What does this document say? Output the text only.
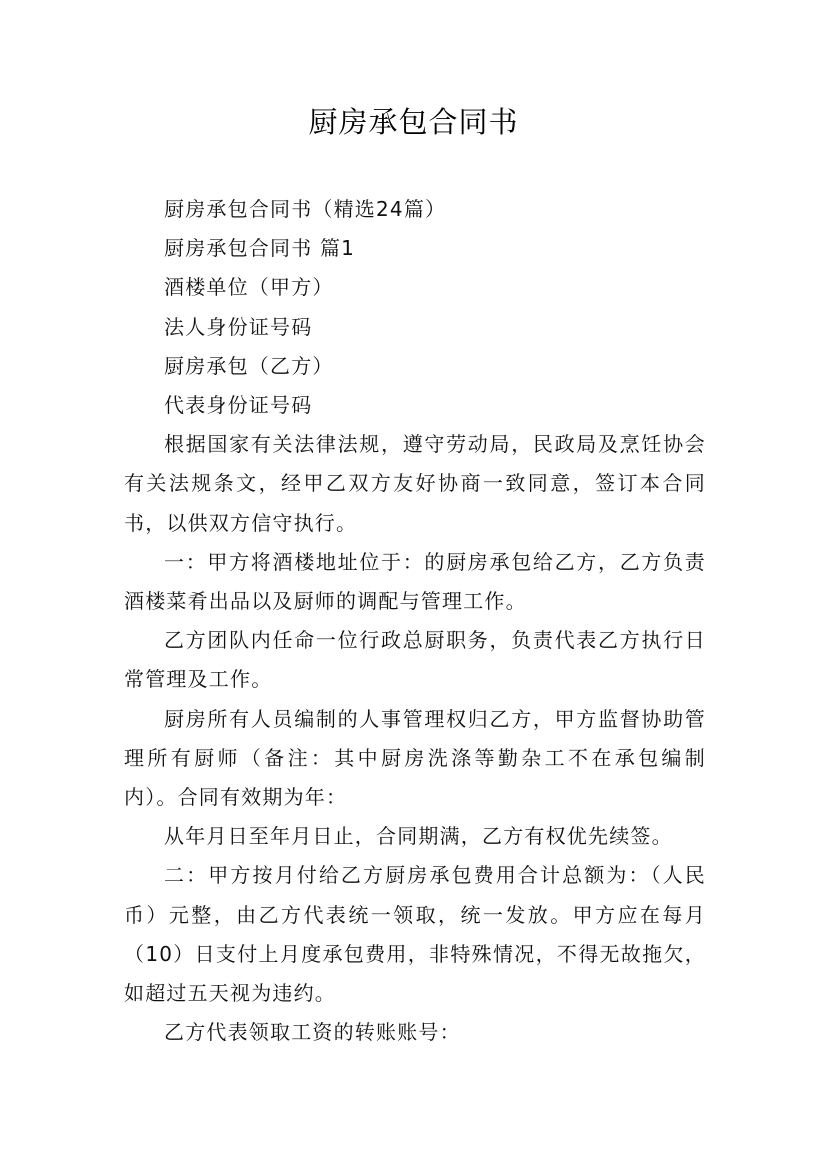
厨房承包合同书

厨房承包合同书（精选24篇）

厨房承包合同书 篇1

酒楼单位（甲方）

法人身份证号码

厨房承包（乙方）

代表身份证号码

根据国家有关法律法规，遵守劳动局，民政局及烹饪协会有关法规条文，经甲乙双方友好协商一致同意，签订本合同书，以供双方信守执行。

一：甲方将酒楼地址位于：的厨房承包给乙方，乙方负责酒楼菜肴出品以及厨师的调配与管理工作。

乙方团队内任命一位行政总厨职务，负责代表乙方执行日常管理及工作。

厨房所有人员编制的人事管理权归乙方，甲方监督协助管理所有厨师（备注：其中厨房洗涤等勤杂工不在承包编制内）。合同有效期为年：

从年月日至年月日止，合同期满，乙方有权优先续签。

二：甲方按月付给乙方厨房承包费用合计总额为：（人民币）元整，由乙方代表统一领取，统一发放。甲方应在每月（10）日支付上月度承包费用，非特殊情况，不得无故拖欠，如超过五天视为违约。

乙方代表领取工资的转账账号：
